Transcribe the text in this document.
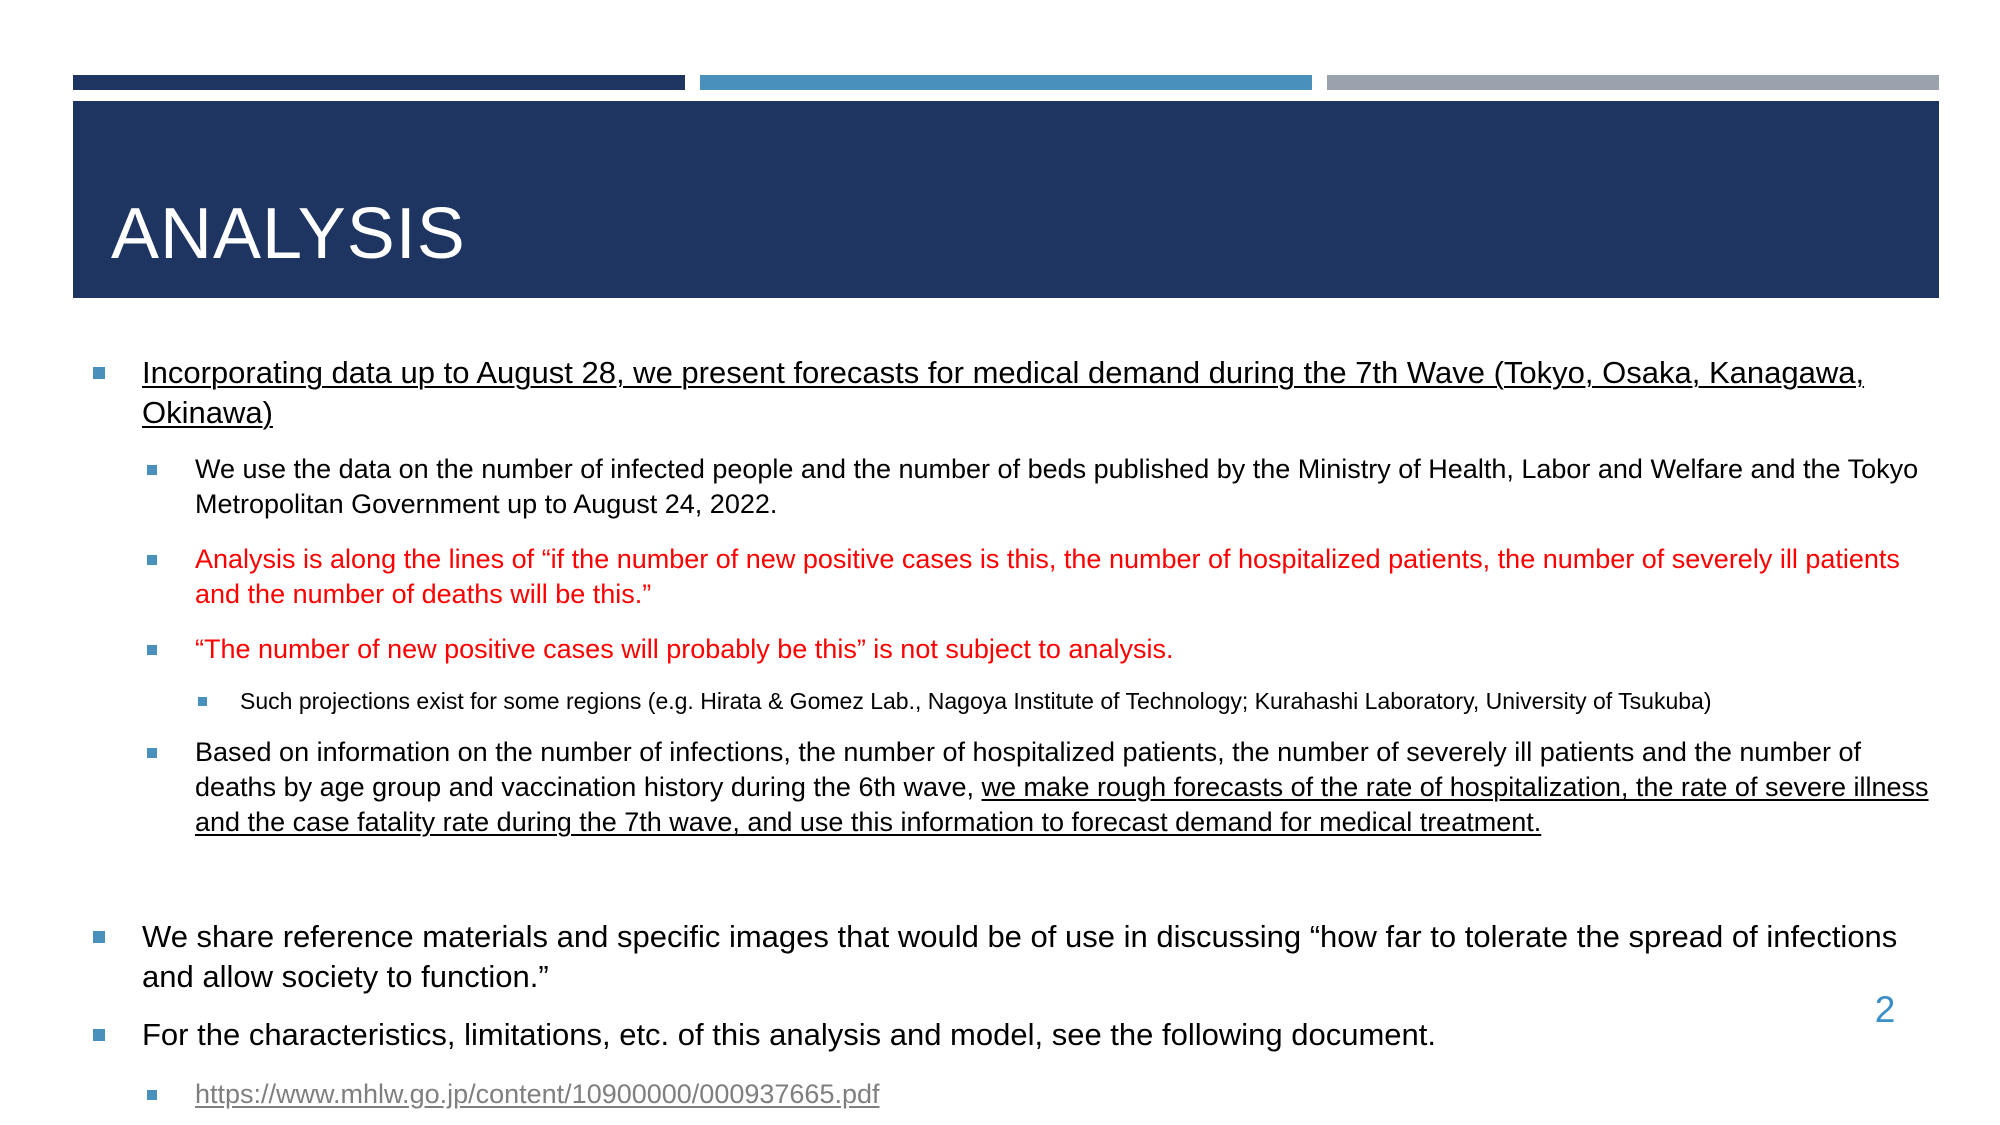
ANALYSIS
Incorporating data up to August 28, we present forecasts for medical demand during the 7th Wave (Tokyo, Osaka, Kanagawa, Okinawa)
We use the data on the number of infected people and the number of beds published by the Ministry of Health, Labor and Welfare and the Tokyo Metropolitan Government up to August 24, 2022.
Analysis is along the lines of “if the number of new positive cases is this, the number of hospitalized patients, the number of severely ill patients and the number of deaths will be this.”
“The number of new positive cases will probably be this” is not subject to analysis.
Such projections exist for some regions (e.g. Hirata & Gomez Lab., Nagoya Institute of Technology; Kurahashi Laboratory, University of Tsukuba)
Based on information on the number of infections, the number of hospitalized patients, the number of severely ill patients and the number of deaths by age group and vaccination history during the 6th wave, we make rough forecasts of the rate of hospitalization, the rate of severe illness and the case fatality rate during the 7th wave, and use this information to forecast demand for medical treatment.
We share reference materials and specific images that would be of use in discussing “how far to tolerate the spread of infections and allow society to function.”
For the characteristics, limitations, etc. of this analysis and model, see the following document.
https://www.mhlw.go.jp/content/10900000/000937665.pdf
2
